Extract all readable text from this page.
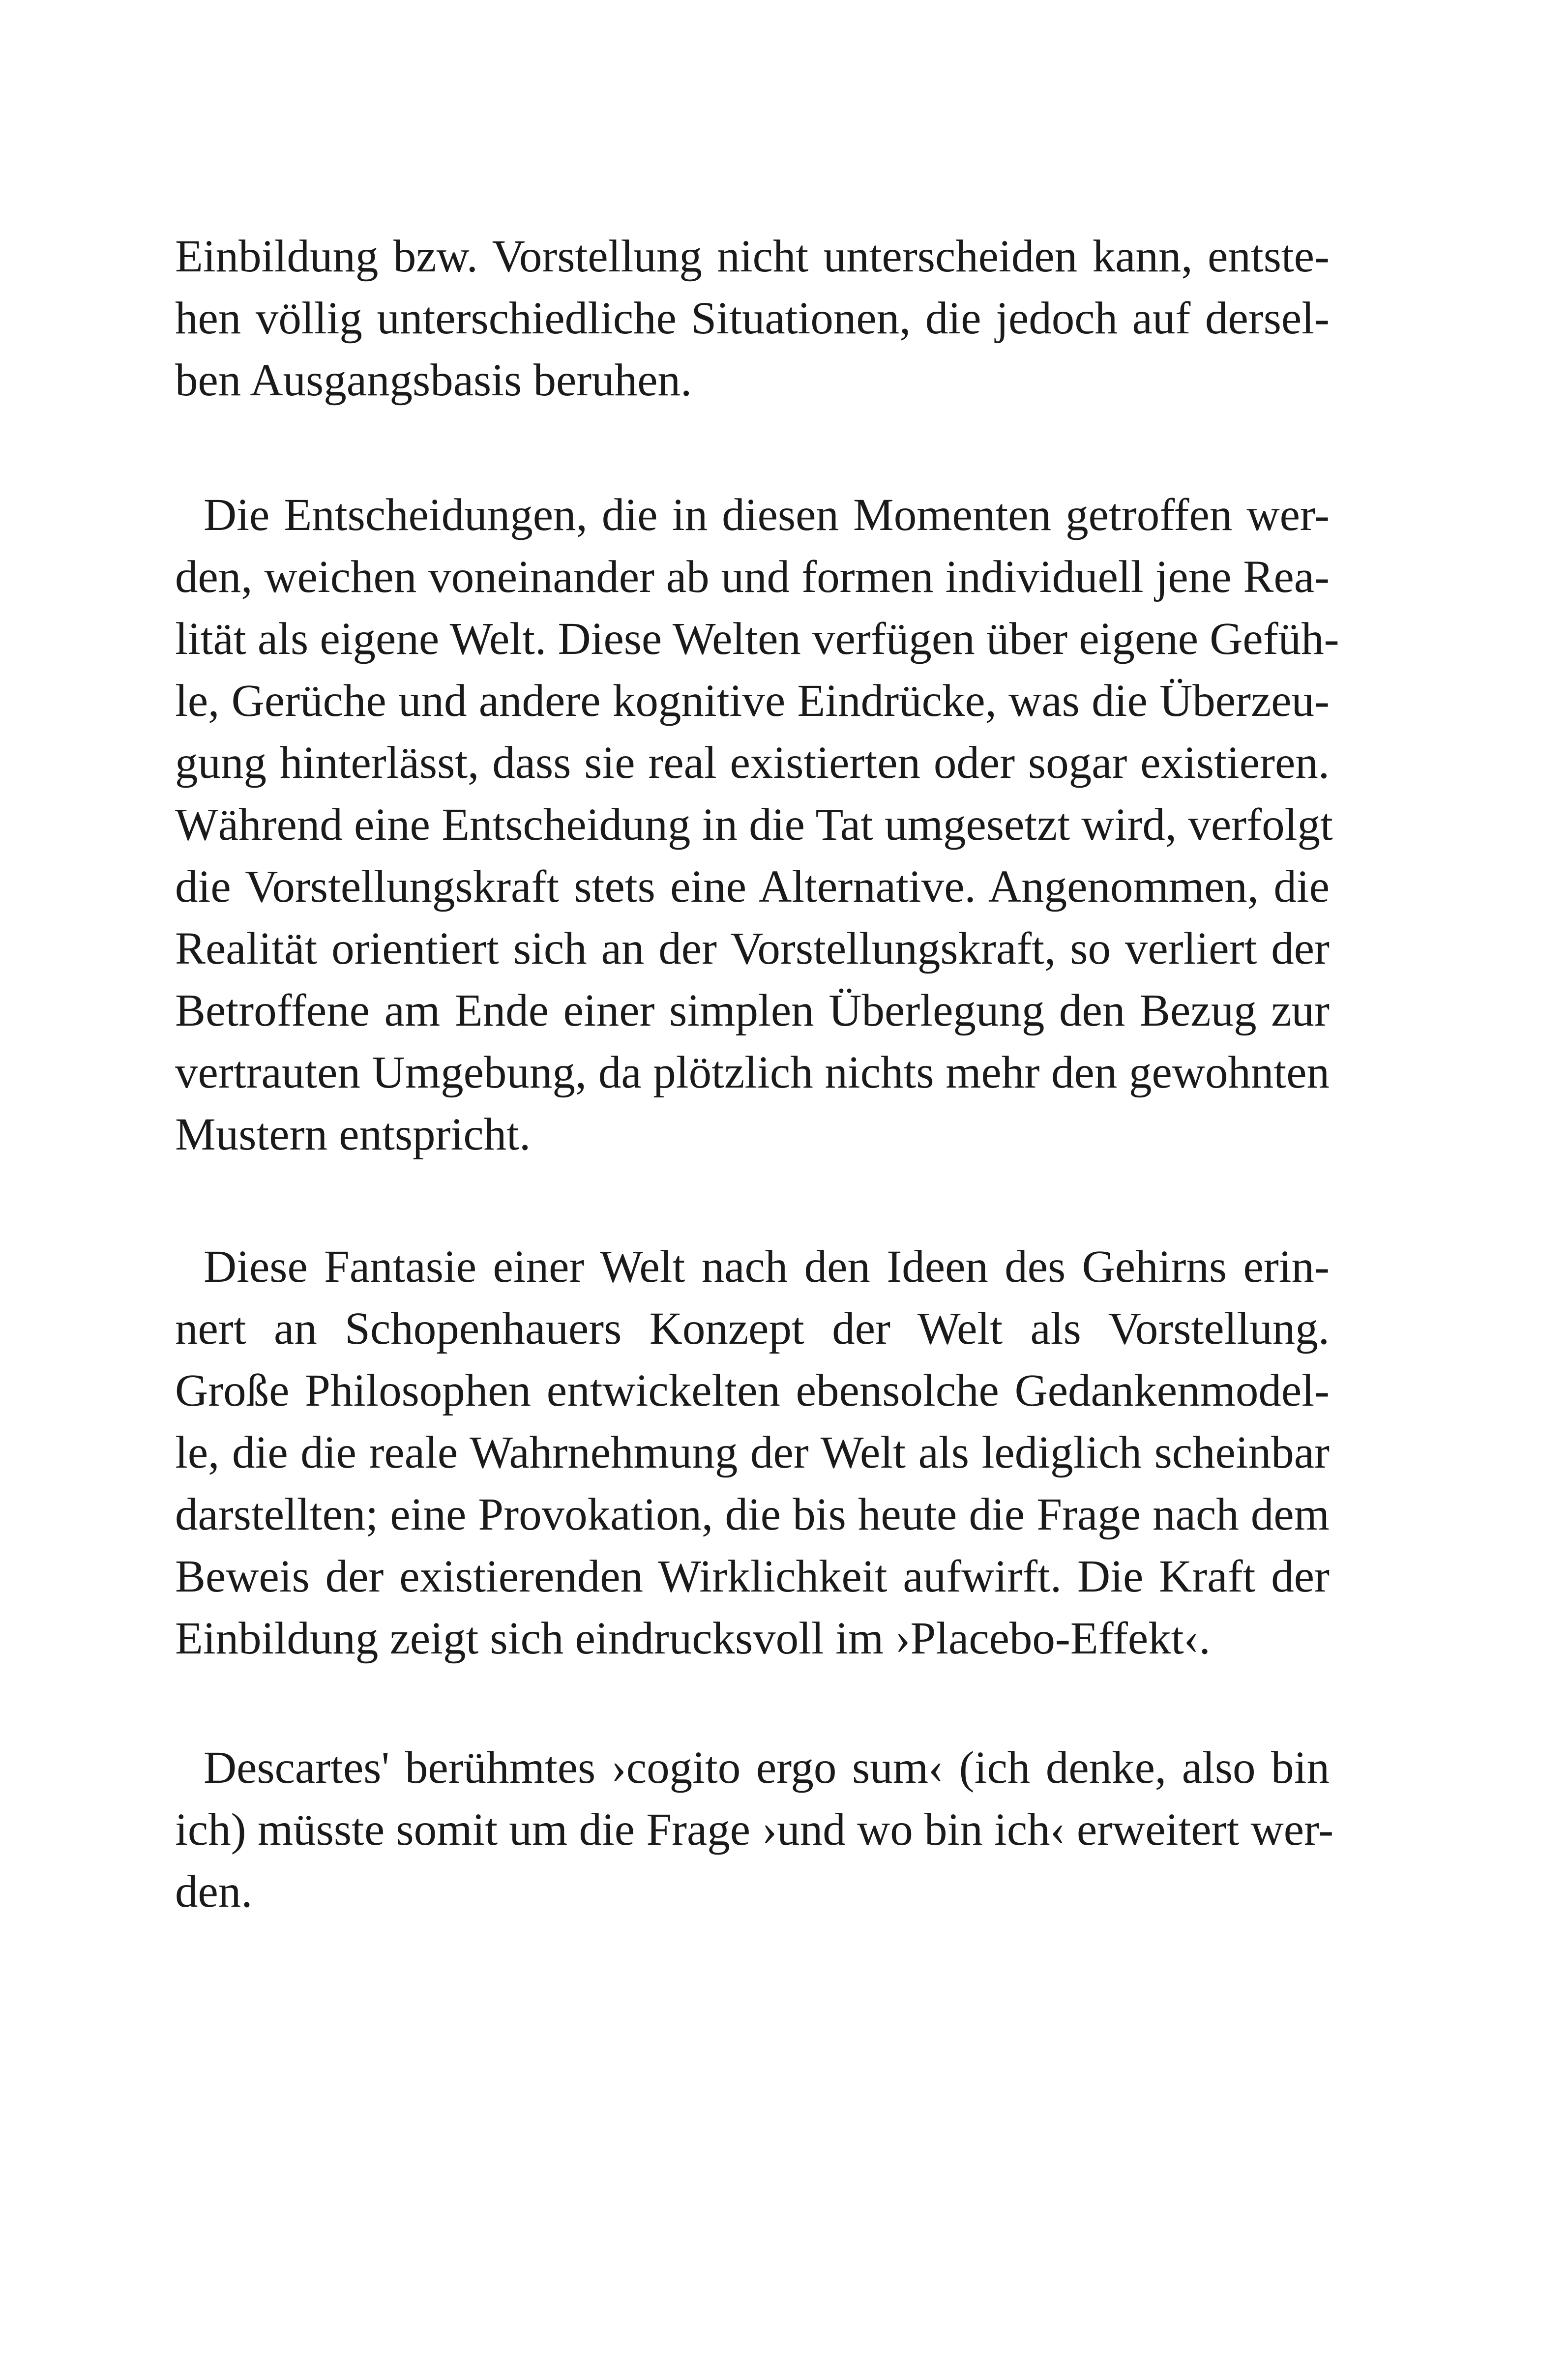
Einbildung bzw. Vorstellung nicht unterscheiden kann, entste-
hen völlig unterschiedliche Situationen, die jedoch auf dersel-
ben Ausgangsbasis beruhen.
Die Entscheidungen, die in diesen Momenten getroffen wer-
den, weichen voneinander ab und formen individuell jene Rea-
lität als eigene Welt. Diese Welten verfügen über eigene Gefüh-
le, Gerüche und andere kognitive Eindrücke, was die Überzeu-
gung hinterlässt, dass sie real existierten oder sogar existieren.
Während eine Entscheidung in die Tat umgesetzt wird, verfolgt
die Vorstellungskraft stets eine Alternative. Angenommen, die
Realität orientiert sich an der Vorstellungskraft, so verliert der
Betroffene am Ende einer simplen Überlegung den Bezug zur
vertrauten Umgebung, da plötzlich nichts mehr den gewohnten
Mustern entspricht.
Diese Fantasie einer Welt nach den Ideen des Gehirns erin-
nert an Schopenhauers Konzept der Welt als Vorstellung.
Große Philosophen entwickelten ebensolche Gedankenmodel-
le, die die reale Wahrnehmung der Welt als lediglich scheinbar
darstellten; eine Provokation, die bis heute die Frage nach dem
Beweis der existierenden Wirklichkeit aufwirft. Die Kraft der
Einbildung zeigt sich eindrucksvoll im ›Placebo-Effekt‹.
Descartes' berühmtes ›cogito ergo sum‹ (ich denke, also bin
ich) müsste somit um die Frage ›und wo bin ich‹ erweitert wer-
den.
